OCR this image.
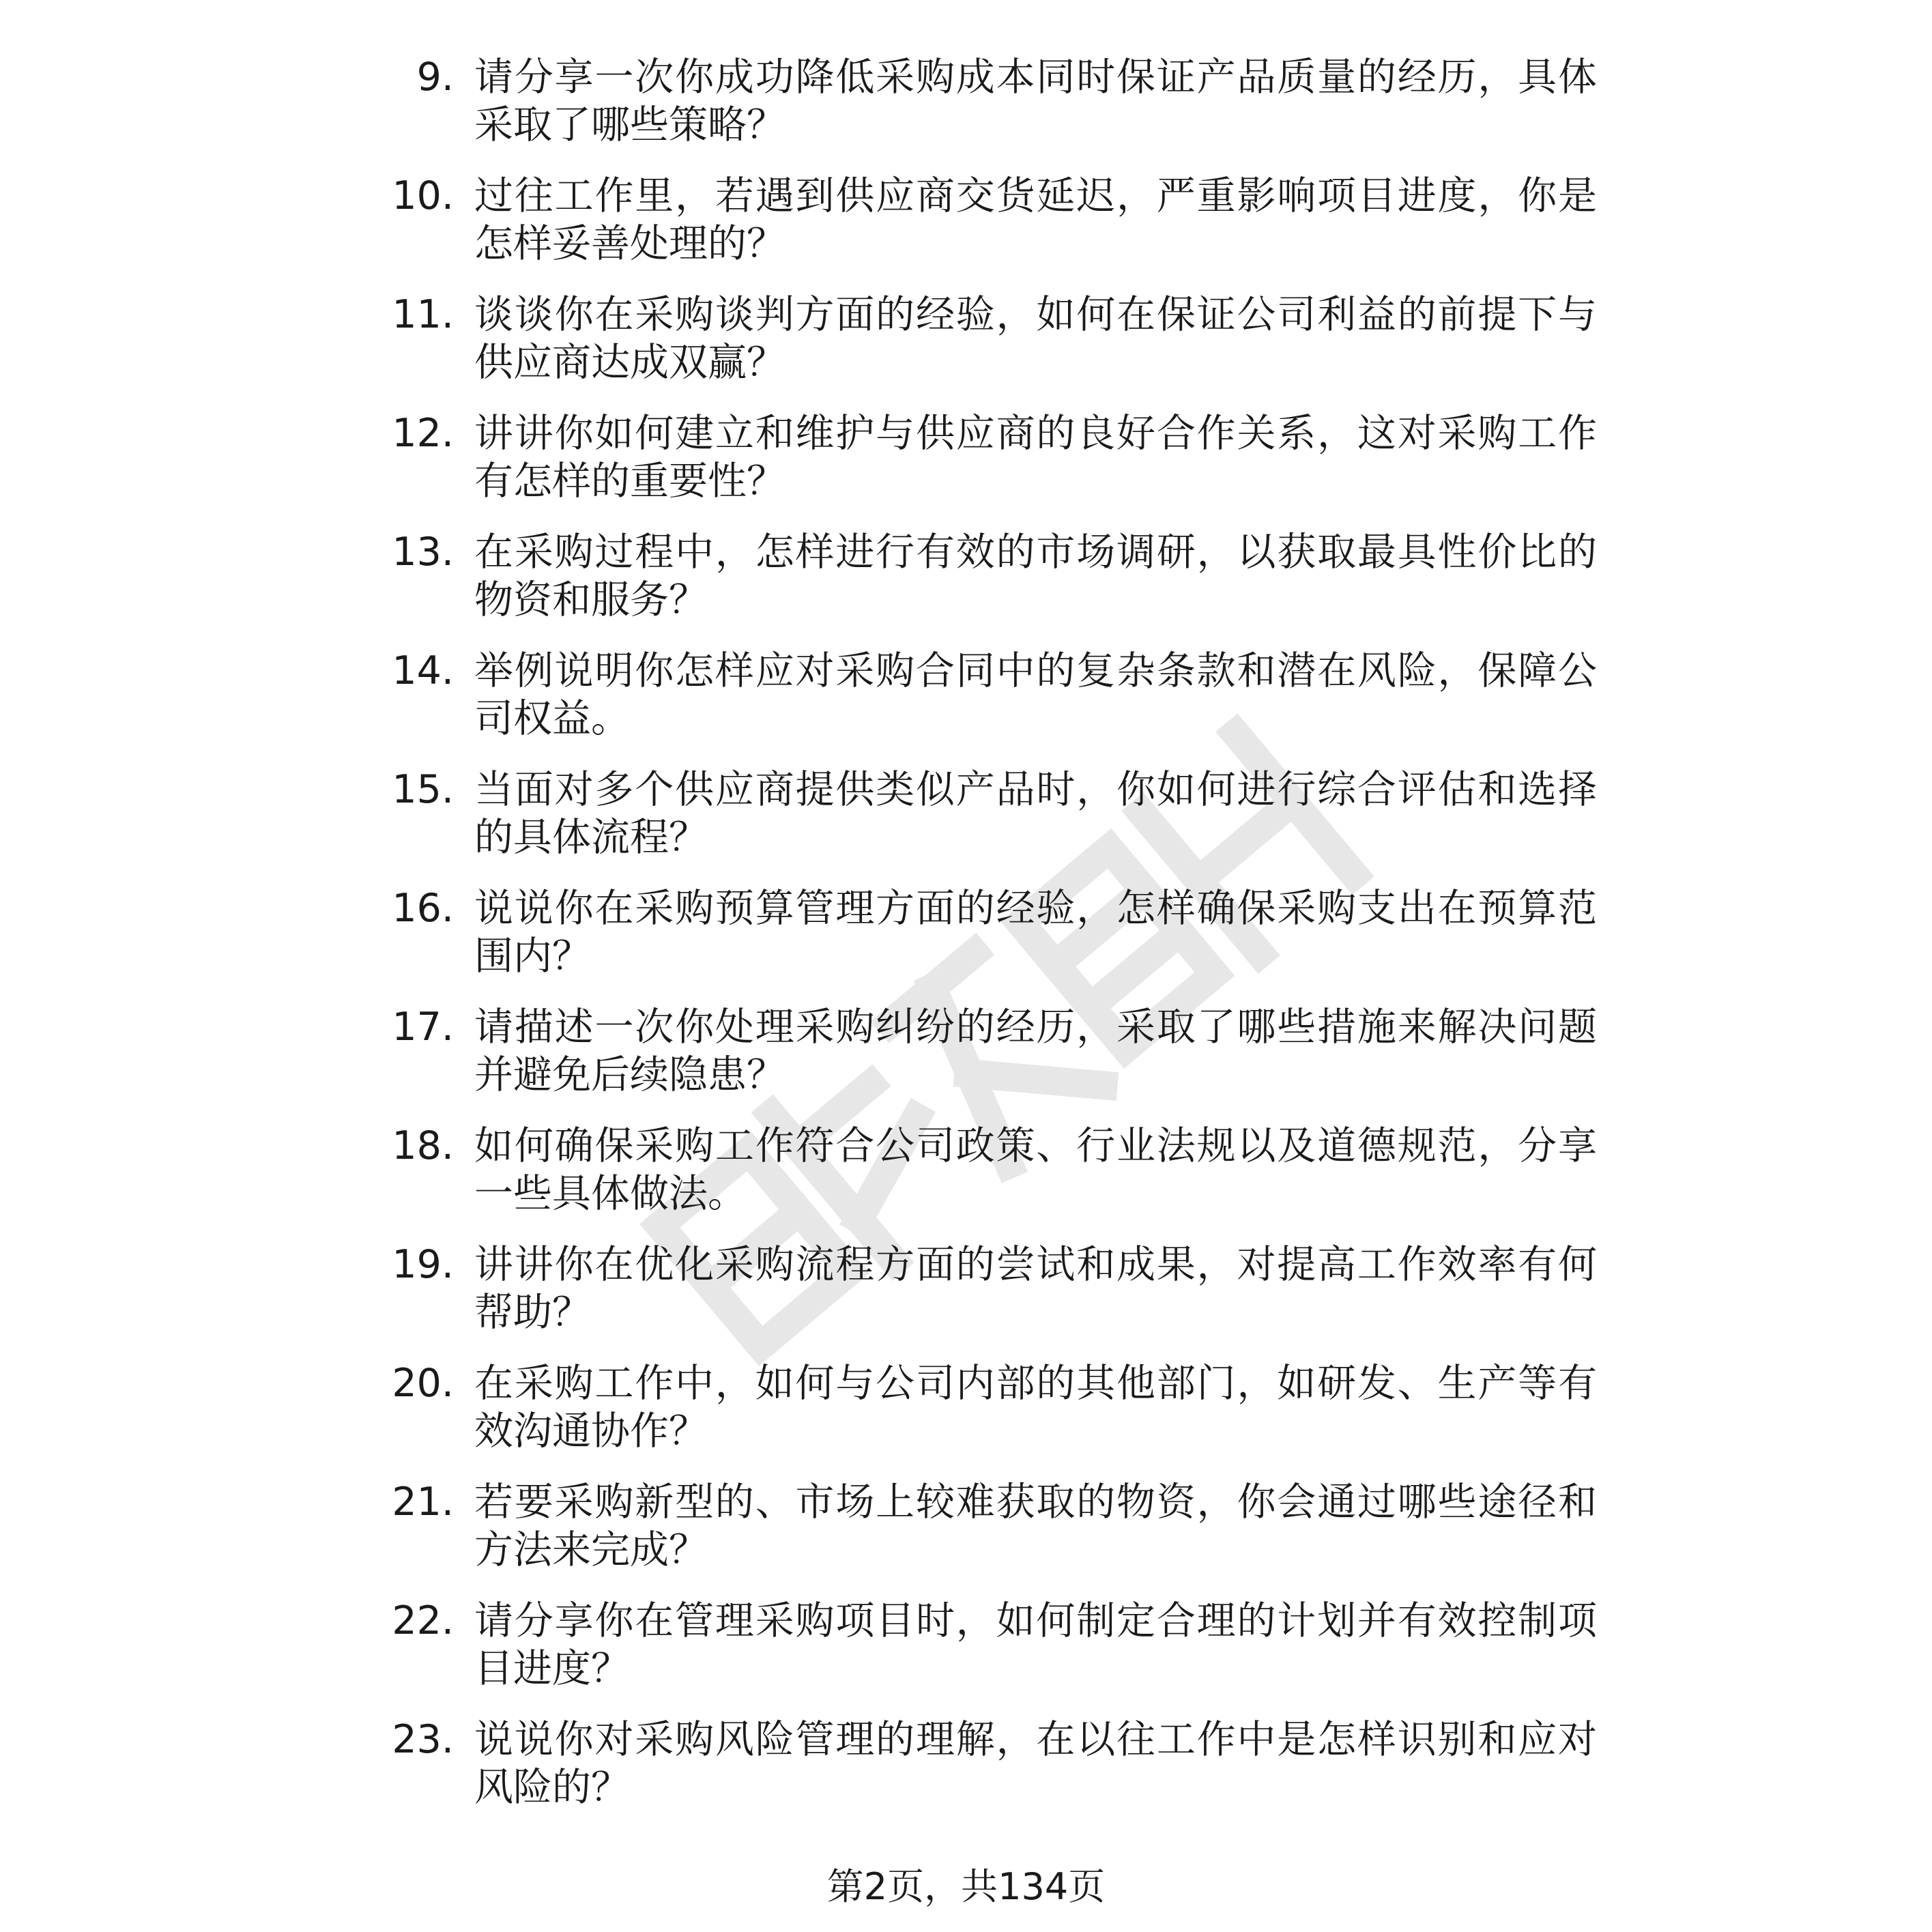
9. 请分享一次你成功降低采购成本同时保证产品质量的经历，具体采取了哪些策略？
10. 过往工作里，若遇到供应商交货延迟，严重影响项目进度，你是怎样妥善处理的？
11. 谈谈你在采购谈判方面的经验，如何在保证公司利益的前提下与供应商达成双赢？
12. 讲讲你如何建立和维护与供应商的良好合作关系，这对采购工作有怎样的重要性？
13. 在采购过程中，怎样进行有效的市场调研，以获取最具性价比的物资和服务？
14. 举例说明你怎样应对采购合同中的复杂条款和潜在风险，保障公司权益。
15. 当面对多个供应商提供类似产品时，你如何进行综合评估和选择的具体流程？
16. 说说你在采购预算管理方面的经验，怎样确保采购支出在预算范围内？
17. 请描述一次你处理采购纠纷的经历，采取了哪些措施来解决问题并避免后续隐患？
18. 如何确保采购工作符合公司政策、行业法规以及道德规范，分享一些具体做法。
19. 讲讲你在优化采购流程方面的尝试和成果，对提高工作效率有何帮助？
20. 在采购工作中，如何与公司内部的其他部门，如研发、生产等有效沟通协作？
21. 若要采购新型的、市场上较难获取的物资，你会通过哪些途径和方法来完成？
22. 请分享你在管理采购项目时，如何制定合理的计划并有效控制项目进度？
23. 说说你对采购风险管理的理解，在以往工作中是怎样识别和应对风险的？
第2页，共134页
